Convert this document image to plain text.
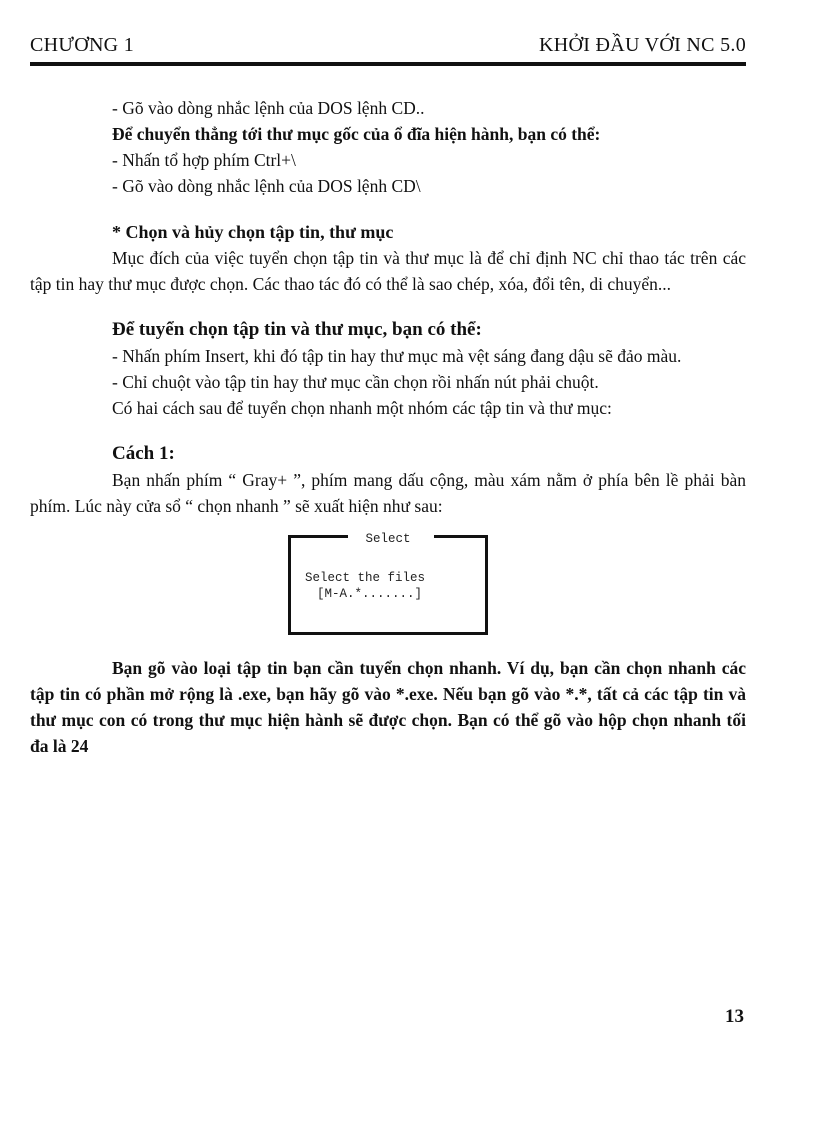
CHƯƠNG 1	KHỞI ĐẦU VỚI NC 5.0

- Gõ vào dòng nhắc lệnh của DOS lệnh CD..

Để chuyển thẳng tới thư mục gốc của ổ đĩa hiện hành, bạn có thể:

- Nhấn tổ hợp phím Ctrl+\

- Gõ vào dòng nhắc lệnh của DOS lệnh CD\

* Chọn và hủy chọn tập tin, thư mục

Mục đích của việc tuyển chọn tập tin và thư mục là để chỉ định NC chỉ thao tác trên các tập tin hay thư mục được chọn. Các thao tác đó có thể là sao chép, xóa, đổi tên, di chuyển...

Để tuyển chọn tập tin và thư mục, bạn có thể:

- Nhấn phím Insert, khi đó tập tin hay thư mục mà vệt sáng đang dậu sẽ đảo màu.

- Chỉ chuột vào tập tin hay thư mục cần chọn rồi nhấn nút phải chuột.

Có hai cách sau để tuyển chọn nhanh một nhóm các tập tin và thư mục:

Cách 1:

Bạn nhấn phím “ Gray+ ”, phím mang dấu cộng, màu xám nằm ở phía bên lề phải bàn phím. Lúc này cửa sổ “ chọn nhanh ” sẽ xuất hiện như sau:

Select
Select the files
[M-A.*.......]

Bạn gõ vào loại tập tin bạn cần tuyển chọn nhanh. Ví dụ, bạn cần chọn nhanh các tập tin có phần mở rộng là .exe, bạn hãy gõ vào *.exe. Nếu bạn gõ vào *.*, tất cả các tập tin và thư mục con có trong thư mục hiện hành sẽ được chọn. Bạn có thể gõ vào hộp chọn nhanh tối đa là 24

13
